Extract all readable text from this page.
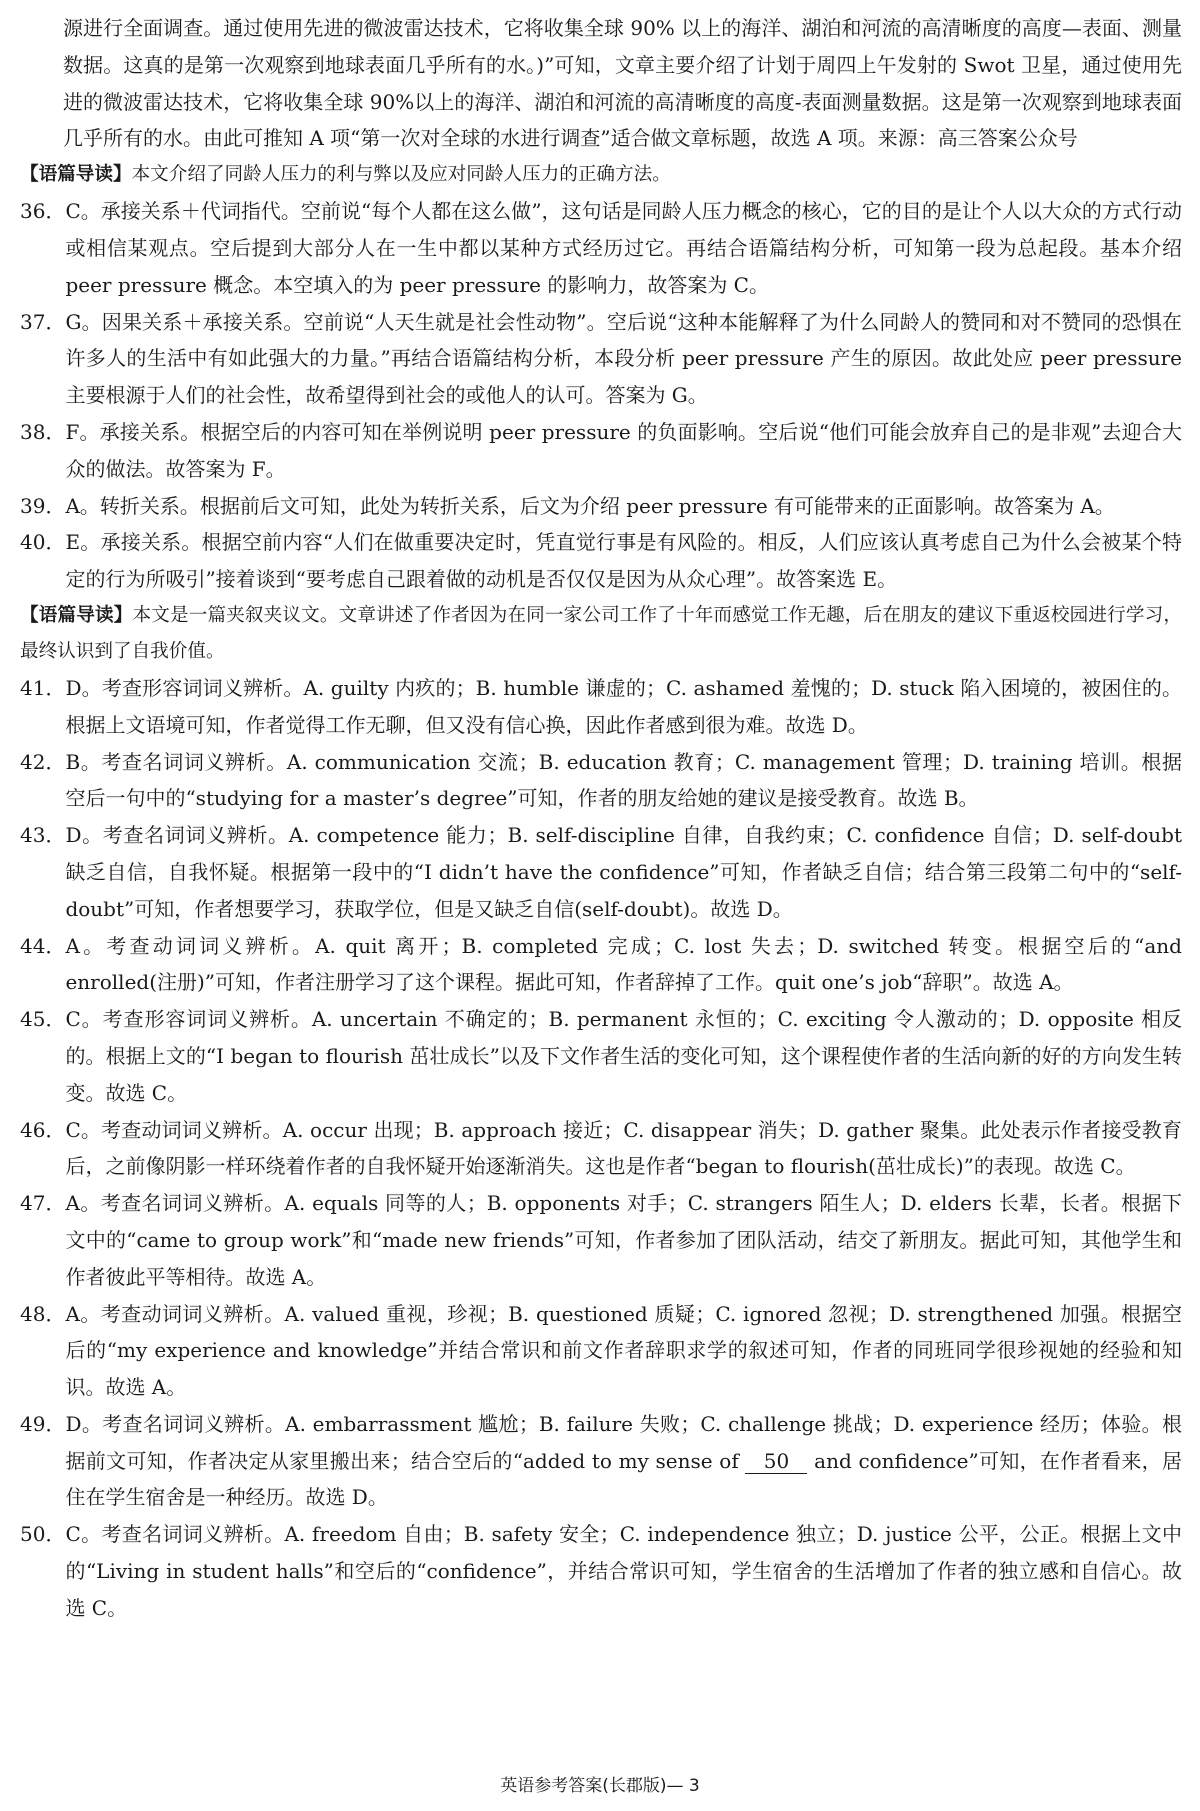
源进行全面调查。通过使用先进的微波雷达技术，它将收集全球 90% 以上的海洋、湖泊和河流的高清晰度的高度—表面、测量数据。这真的是第一次观察到地球表面几乎所有的水。)”可知，文章主要介绍了计划于周四上午发射的 Swot 卫星，通过使用先进的微波雷达技术，它将收集全球 90%以上的海洋、湖泊和河流的高清晰度的高度-表面测量数据。这是第一次观察到地球表面几乎所有的水。由此可推知 A 项“第一次对全球的水进行调查”适合做文章标题，故选 A 项。来源：高三答案公众号

【语篇导读】本文介绍了同龄人压力的利与弊以及应对同龄人压力的正确方法。

36． C。承接关系＋代词指代。空前说“每个人都在这么做”，这句话是同龄人压力概念的核心，它的目的是让个人以大众的方式行动或相信某观点。空后提到大部分人在一生中都以某种方式经历过它。再结合语篇结构分析，可知第一段为总起段。基本介绍 peer pressure 概念。本空填入的为 peer pressure 的影响力，故答案为 C。
37． G。因果关系＋承接关系。空前说“人天生就是社会性动物”。空后说“这种本能解释了为什么同龄人的赞同和对不赞同的恐惧在许多人的生活中有如此强大的力量。”再结合语篇结构分析，本段分析 peer pressure 产生的原因。故此处应 peer pressure 主要根源于人们的社会性，故希望得到社会的或他人的认可。答案为 G。
38． F。承接关系。根据空后的内容可知在举例说明 peer pressure 的负面影响。空后说“他们可能会放弃自己的是非观”去迎合大众的做法。故答案为 F。
39． A。转折关系。根据前后文可知，此处为转折关系，后文为介绍 peer pressure 有可能带来的正面影响。故答案为 A。
40． E。承接关系。根据空前内容“人们在做重要决定时，凭直觉行事是有风险的。相反，人们应该认真考虑自己为什么会被某个特定的行为所吸引”接着谈到“要考虑自己跟着做的动机是否仅仅是因为从众心理”。故答案选 E。

【语篇导读】本文是一篇夹叙夹议文。文章讲述了作者因为在同一家公司工作了十年而感觉工作无趣，后在朋友的建议下重返校园进行学习，最终认识到了自我价值。

41． D。考查形容词词义辨析。A. guilty 内疚的；B. humble 谦虚的；C. ashamed 羞愧的；D. stuck 陷入困境的，被困住的。根据上文语境可知，作者觉得工作无聊，但又没有信心换，因此作者感到很为难。故选 D。
42． B。考查名词词义辨析。A. communication 交流；B. education 教育；C. management 管理；D. training 培训。根据空后一句中的“studying for a master’s degree”可知，作者的朋友给她的建议是接受教育。故选 B。
43． D。考查名词词义辨析。A. competence 能力；B. self-discipline 自律，自我约束；C. confidence 自信；D. self-doubt 缺乏自信，自我怀疑。根据第一段中的“I didn’t have the confidence”可知，作者缺乏自信；结合第三段第二句中的“self-doubt”可知，作者想要学习，获取学位，但是又缺乏自信(self-doubt)。故选 D。
44． A。考查动词词义辨析。A. quit 离开；B. completed 完成；C. lost 失去；D. switched 转变。根据空后的“and enrolled(注册)”可知，作者注册学习了这个课程。据此可知，作者辞掉了工作。quit one’s job“辞职”。故选 A。
45． C。考查形容词词义辨析。A. uncertain 不确定的；B. permanent 永恒的；C. exciting 令人激动的；D. opposite 相反的。根据上文的“I began to flourish 茁壮成长”以及下文作者生活的变化可知，这个课程使作者的生活向新的好的方向发生转变。故选 C。
46． C。考查动词词义辨析。A. occur 出现；B. approach 接近；C. disappear 消失；D. gather 聚集。此处表示作者接受教育后，之前像阴影一样环绕着作者的自我怀疑开始逐渐消失。这也是作者“began to flourish(茁壮成长)”的表现。故选 C。
47． A。考查名词词义辨析。A. equals 同等的人；B. opponents 对手；C. strangers 陌生人；D. elders 长辈，长者。根据下文中的“came to group work”和“made new friends”可知，作者参加了团队活动，结交了新朋友。据此可知，其他学生和作者彼此平等相待。故选 A。
48． A。考查动词词义辨析。A. valued 重视，珍视；B. questioned 质疑；C. ignored 忽视；D. strengthened 加强。根据空后的“my experience and knowledge”并结合常识和前文作者辞职求学的叙述可知，作者的同班同学很珍视她的经验和知识。故选 A。
49． D。考查名词词义辨析。A. embarrassment 尴尬；B. failure 失败；C. challenge 挑战；D. experience 经历；体验。根据前文可知，作者决定从家里搬出来；结合空后的“added to my sense of 50 and confidence”可知，在作者看来，居住在学生宿舍是一种经历。故选 D。
50． C。考查名词词义辨析。A. freedom 自由；B. safety 安全；C. independence 独立；D. justice 公平，公正。根据上文中的“Living in student halls”和空后的“confidence”，并结合常识可知，学生宿舍的生活增加了作者的独立感和自信心。故选 C。
英语参考答案(长郡版)— 3
